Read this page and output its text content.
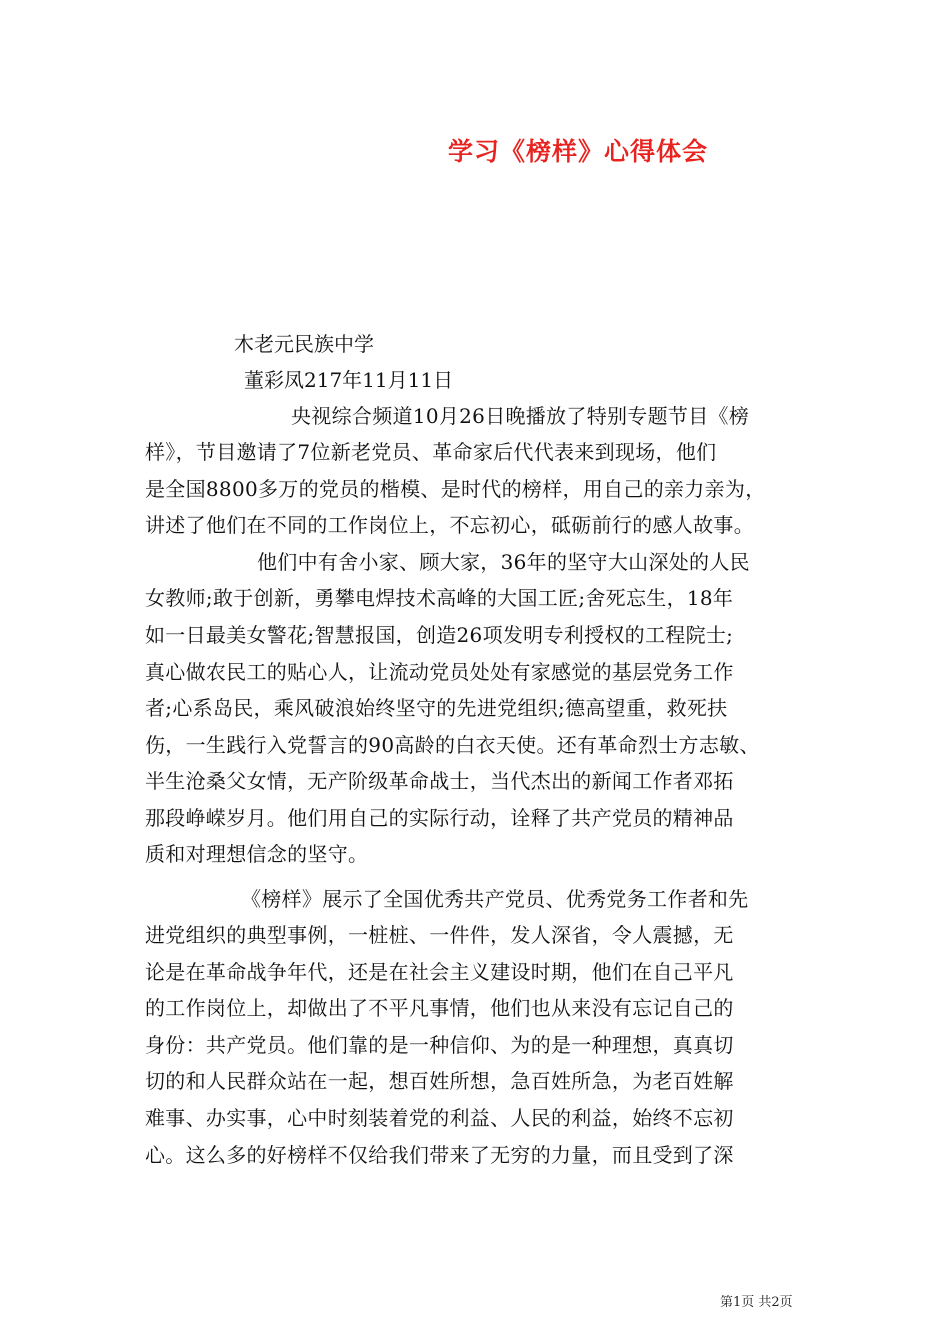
学习《榜样》心得体会
木老元民族中学
董彩凤217年11月11日
央视综合频道10月26日晚播放了特别专题节目《榜
样》，节目邀请了7位新老党员、革命家后代代表来到现场，他们
是全国8800多万的党员的楷模、是时代的榜样，用自己的亲力亲为，
讲述了他们在不同的工作岗位上，不忘初心，砥砺前行的感人故事。
他们中有舍小家、顾大家，36年的坚守大山深处的人民
女教师;敢于创新，勇攀电焊技术高峰的大国工匠;舍死忘生，18年
如一日最美女警花;智慧报国，创造26项发明专利授权的工程院士;
真心做农民工的贴心人，让流动党员处处有家感觉的基层党务工作
者;心系岛民，乘风破浪始终坚守的先进党组织;德高望重，救死扶
伤，一生践行入党誓言的90高龄的白衣天使。还有革命烈士方志敏、
半生沧桑父女情，无产阶级革命战士，当代杰出的新闻工作者邓拓
那段峥嵘岁月。他们用自己的实际行动，诠释了共产党员的精神品
质和对理想信念的坚守。
《榜样》展示了全国优秀共产党员、优秀党务工作者和先
进党组织的典型事例，一桩桩、一件件，发人深省，令人震撼，无
论是在革命战争年代，还是在社会主义建设时期，他们在自己平凡
的工作岗位上，却做出了不平凡事情，他们也从来没有忘记自己的
身份：共产党员。他们靠的是一种信仰、为的是一种理想，真真切
切的和人民群众站在一起，想百姓所想，急百姓所急，为老百姓解
难事、办实事，心中时刻装着党的利益、人民的利益，始终不忘初
心。这么多的好榜样不仅给我们带来了无穷的力量，而且受到了深
第1页 共2页
